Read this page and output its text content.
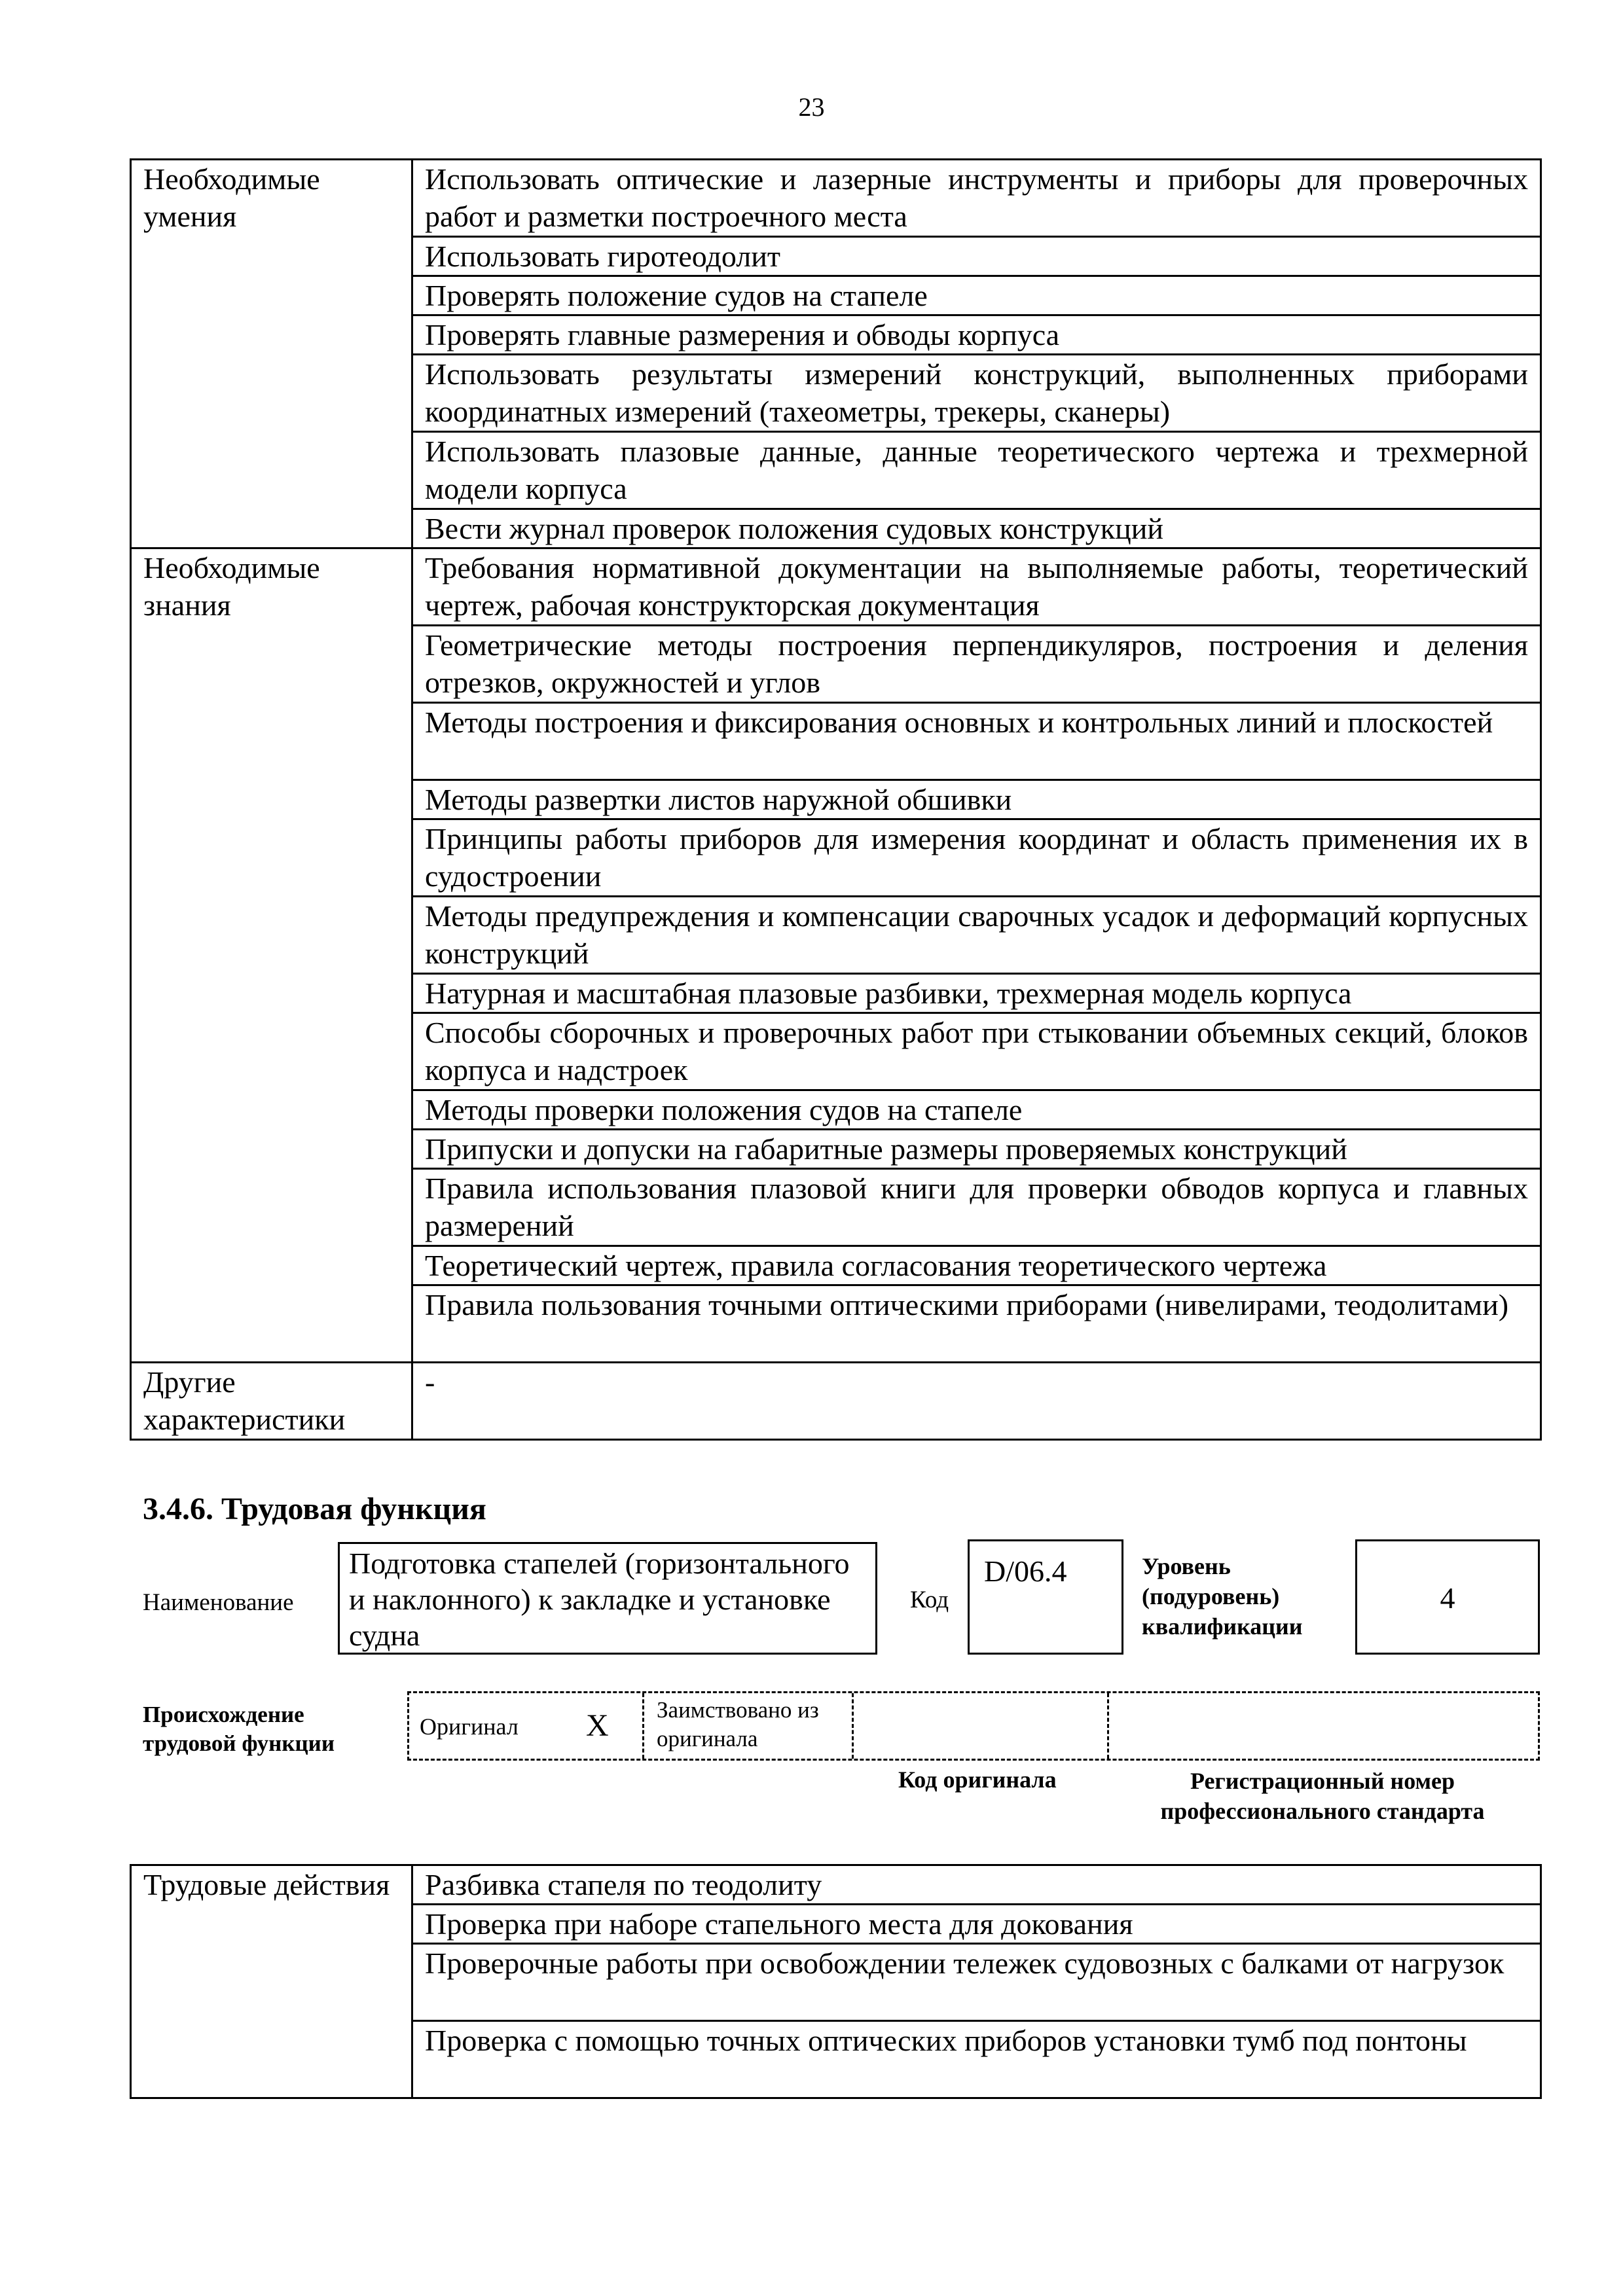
23
Необходимые умения	Использовать оптические и лазерные инструменты и приборы для проверочных работ и разметки построечного места
	Использовать гиротеодолит
	Проверять положение судов на стапеле
	Проверять главные размерения и обводы корпуса
	Использовать результаты измерений конструкций, выполненных приборами координатных измерений (тахеометры, трекеры, сканеры)
	Использовать плазовые данные, данные теоретического чертежа и трехмерной модели корпуса
	Вести журнал проверок положения судовых конструкций
Необходимые знания	Требования нормативной документации на выполняемые работы, теоретический чертеж, рабочая конструкторская документация
	Геометрические методы построения перпендикуляров, построения и деления отрезков, окружностей и углов
	Методы построения и фиксирования основных и контрольных линий и плоскостей
	Методы развертки листов наружной обшивки
	Принципы работы приборов для измерения координат и область применения их в судостроении
	Методы предупреждения и компенсации сварочных усадок и деформаций корпусных конструкций
	Натурная и масштабная плазовые разбивки, трехмерная модель корпуса
	Способы сборочных и проверочных работ при стыковании объемных секций, блоков корпуса и надстроек
	Методы проверки положения судов на стапеле
	Припуски и допуски на габаритные размеры проверяемых конструкций
	Правила использования плазовой книги для проверки обводов корпуса и главных размерений
	Теоретический чертеж, правила согласования теоретического чертежа
	Правила пользования точными оптическими приборами (нивелирами, теодолитами)
Другие характеристики	-
3.4.6. Трудовая функция
Наименование
Подготовка стапелей (горизонтального и наклонного) к закладке и установке судна
Код
D/06.4	Уровень (подуровень) квалификации
4
Происхождение трудовой функции
Оригинал X Заимствовано из оригинала
Код оригинала	Регистрационный номер профессионального стандарта
Трудовые действия	Разбивка стапеля по теодолиту
Проверка при наборе стапельного места для докования
Проверочные работы при освобождении тележек судовозных с балками от нагрузок
Проверка с помощью точных оптических приборов установки тумб под понтоны
